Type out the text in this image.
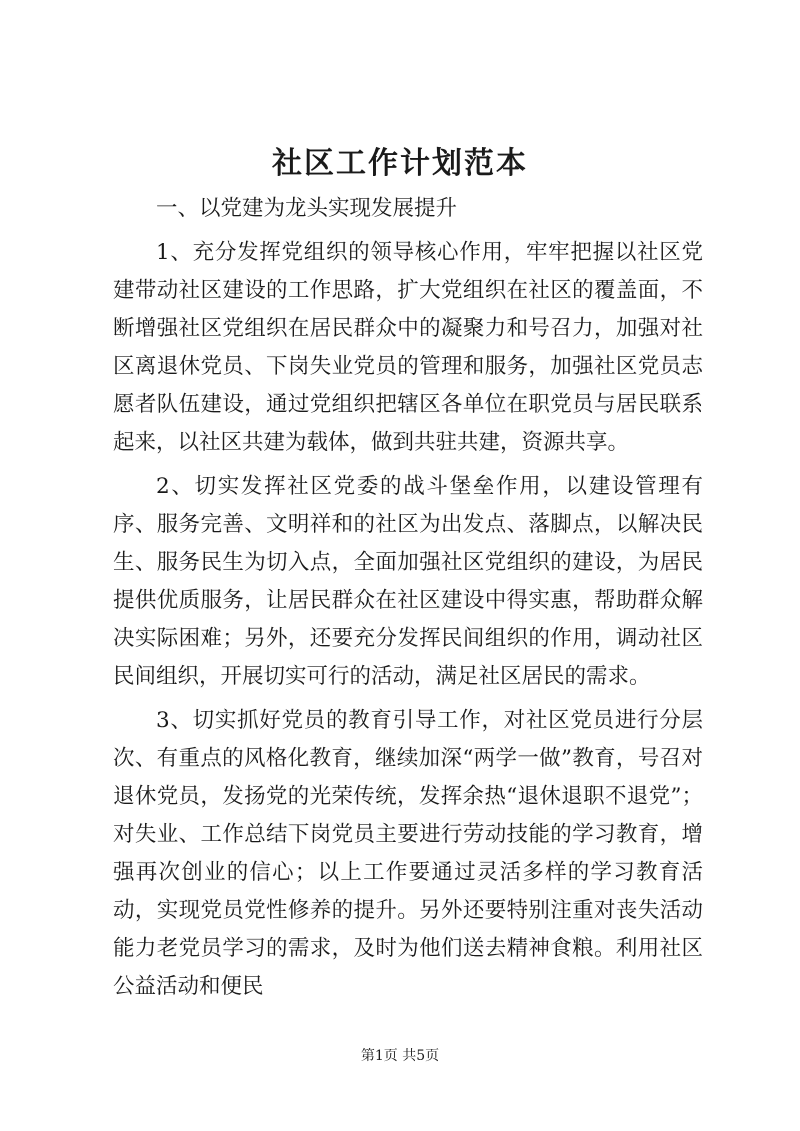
社区工作计划范本

一、以党建为龙头实现发展提升

1、充分发挥党组织的领导核心作用，牢牢把握以社区党建带动社区建设的工作思路，扩大党组织在社区的覆盖面，不断增强社区党组织在居民群众中的凝聚力和号召力，加强对社区离退休党员、下岗失业党员的管理和服务，加强社区党员志愿者队伍建设，通过党组织把辖区各单位在职党员与居民联系起来，以社区共建为载体，做到共驻共建，资源共享。

2、切实发挥社区党委的战斗堡垒作用，以建设管理有序、服务完善、文明祥和的社区为出发点、落脚点，以解决民生、服务民生为切入点，全面加强社区党组织的建设，为居民提供优质服务，让居民群众在社区建设中得实惠，帮助群众解决实际困难；另外，还要充分发挥民间组织的作用，调动社区民间组织，开展切实可行的活动，满足社区居民的需求。

3、切实抓好党员的教育引导工作，对社区党员进行分层次、有重点的风格化教育，继续加深“两学一做”教育，号召对退休党员，发扬党的光荣传统，发挥余热“退休退职不退党”；对失业、工作总结下岗党员主要进行劳动技能的学习教育，增强再次创业的信心；以上工作要通过灵活多样的学习教育活动，实现党员党性修养的提升。另外还要特别注重对丧失活动能力老党员学习的需求，及时为他们送去精神食粮。利用社区公益活动和便民

第1页 共5页
